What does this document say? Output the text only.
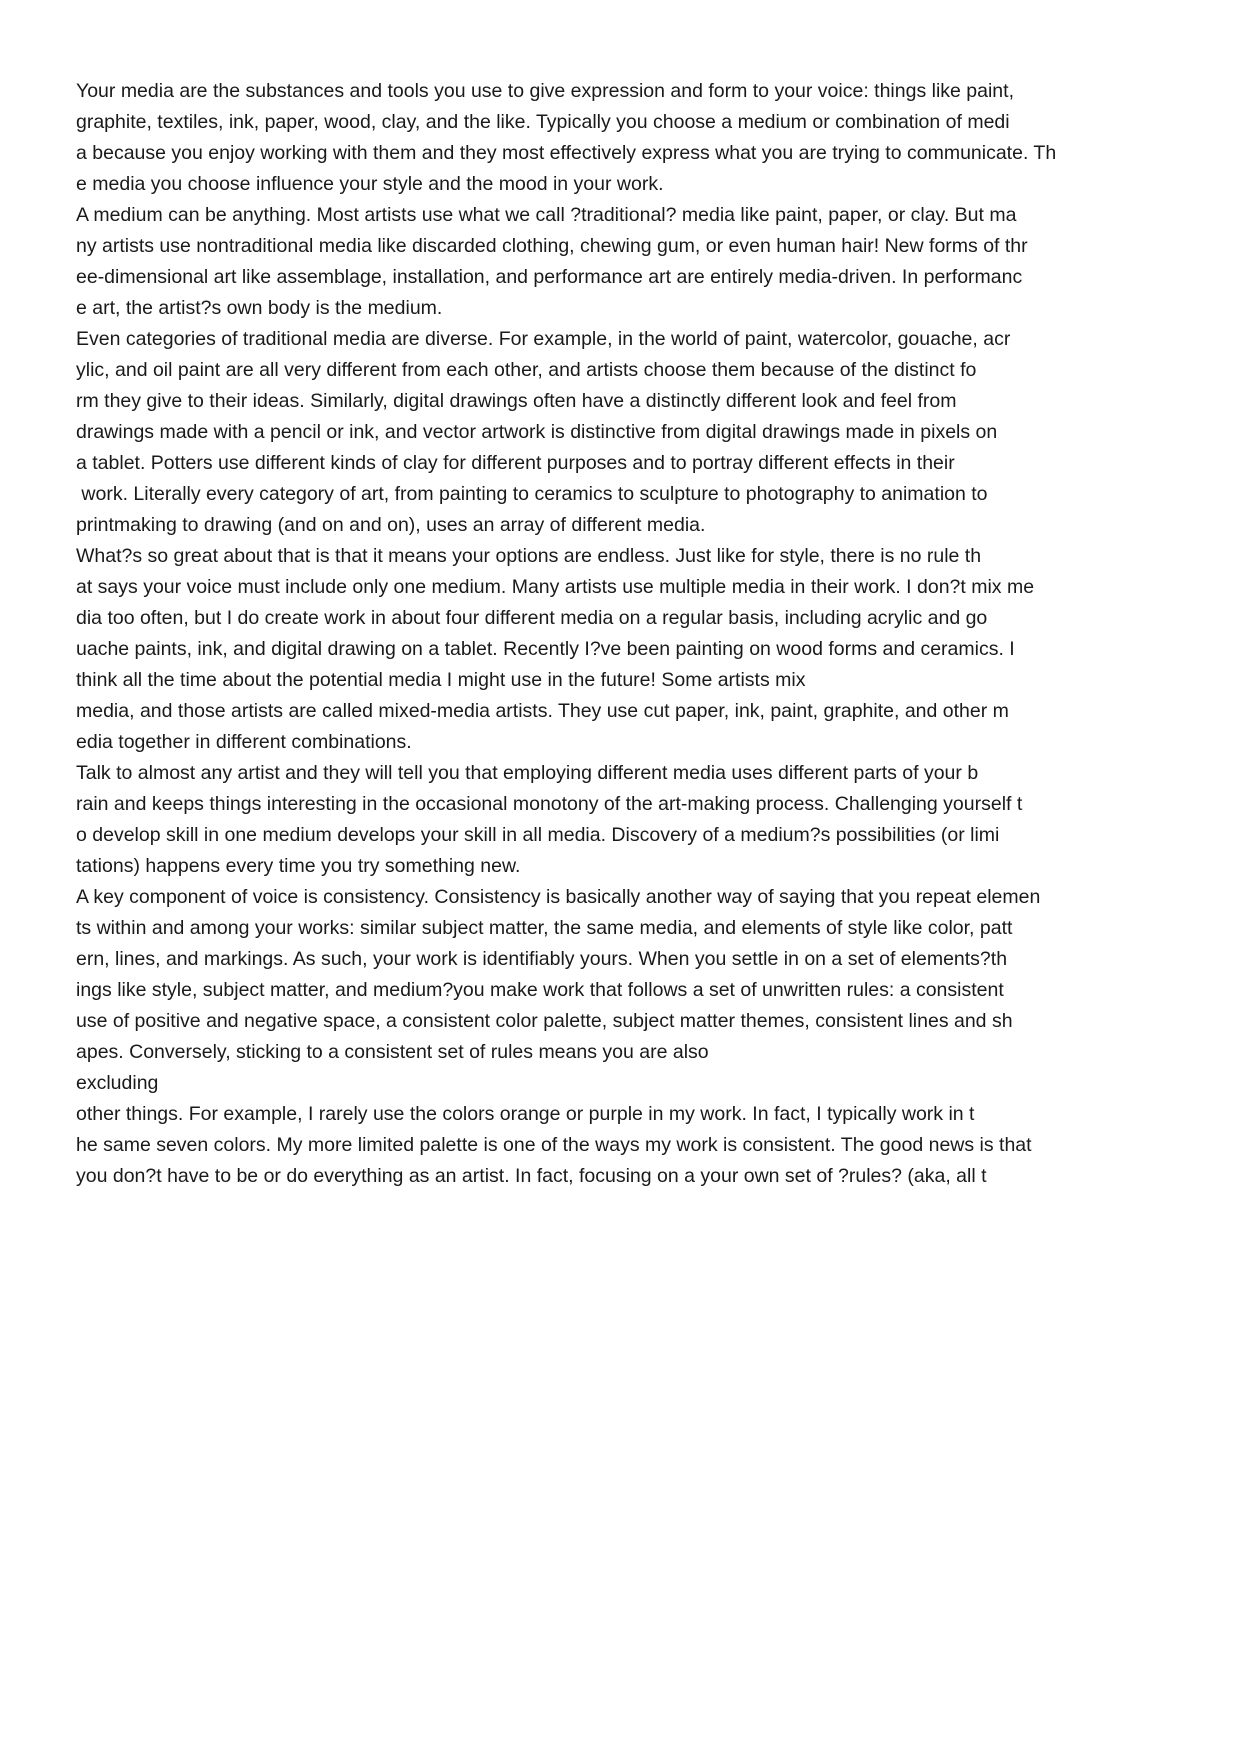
Your media are the substances and tools you use to give expression and form to your voice: things like paint,
graphite, textiles, ink, paper, wood, clay, and the like. Typically you choose a medium or combination of medi
a because you enjoy working with them and they most effectively express what you are trying to communicate. Th
e media you choose influence your style and the mood in your work.
A medium can be anything. Most artists use what we call ?traditional? media like paint, paper, or clay. But ma
ny artists use nontraditional media like discarded clothing, chewing gum, or even human hair! New forms of thr
ee-dimensional art like assemblage, installation, and performance art are entirely media-driven. In performanc
e art, the artist?s own body is the medium.
Even categories of traditional media are diverse. For example, in the world of paint, watercolor, gouache, acr
ylic, and oil paint are all very different from each other, and artists choose them because of the distinct fo
rm they give to their ideas. Similarly, digital drawings often have a distinctly different look and feel from
drawings made with a pencil or ink, and vector artwork is distinctive from digital drawings made in pixels on
a tablet. Potters use different kinds of clay for different purposes and to portray different effects in their
work. Literally every category of art, from painting to ceramics to sculpture to photography to animation to
printmaking to drawing (and on and on), uses an array of different media.
What?s so great about that is that it means your options are endless. Just like for style, there is no rule th
at says your voice must include only one medium. Many artists use multiple media in their work. I don?t mix me
dia too often, but I do create work in about four different media on a regular basis, including acrylic and go
uache paints, ink, and digital drawing on a tablet. Recently I?ve been painting on wood forms and ceramics. I
think all the time about the potential media I might use in the future! Some artists mix
media, and those artists are called mixed-media artists. They use cut paper, ink, paint, graphite, and other m
edia together in different combinations.
Talk to almost any artist and they will tell you that employing different media uses different parts of your b
rain and keeps things interesting in the occasional monotony of the art-making process. Challenging yourself t
o develop skill in one medium develops your skill in all media. Discovery of a medium?s possibilities (or limi
tations) happens every time you try something new.
A key component of voice is consistency. Consistency is basically another way of saying that you repeat elemen
ts within and among your works: similar subject matter, the same media, and elements of style like color, patt
ern, lines, and markings. As such, your work is identifiably yours. When you settle in on a set of elements?th
ings like style, subject matter, and medium?you make work that follows a set of unwritten rules: a consistent
use of positive and negative space, a consistent color palette, subject matter themes, consistent lines and sh
apes. Conversely, sticking to a consistent set of rules means you are also
excluding
other things. For example, I rarely use the colors orange or purple in my work. In fact, I typically work in t
he same seven colors. My more limited palette is one of the ways my work is consistent. The good news is that
you don?t have to be or do everything as an artist. In fact, focusing on a your own set of ?rules? (aka, all t
